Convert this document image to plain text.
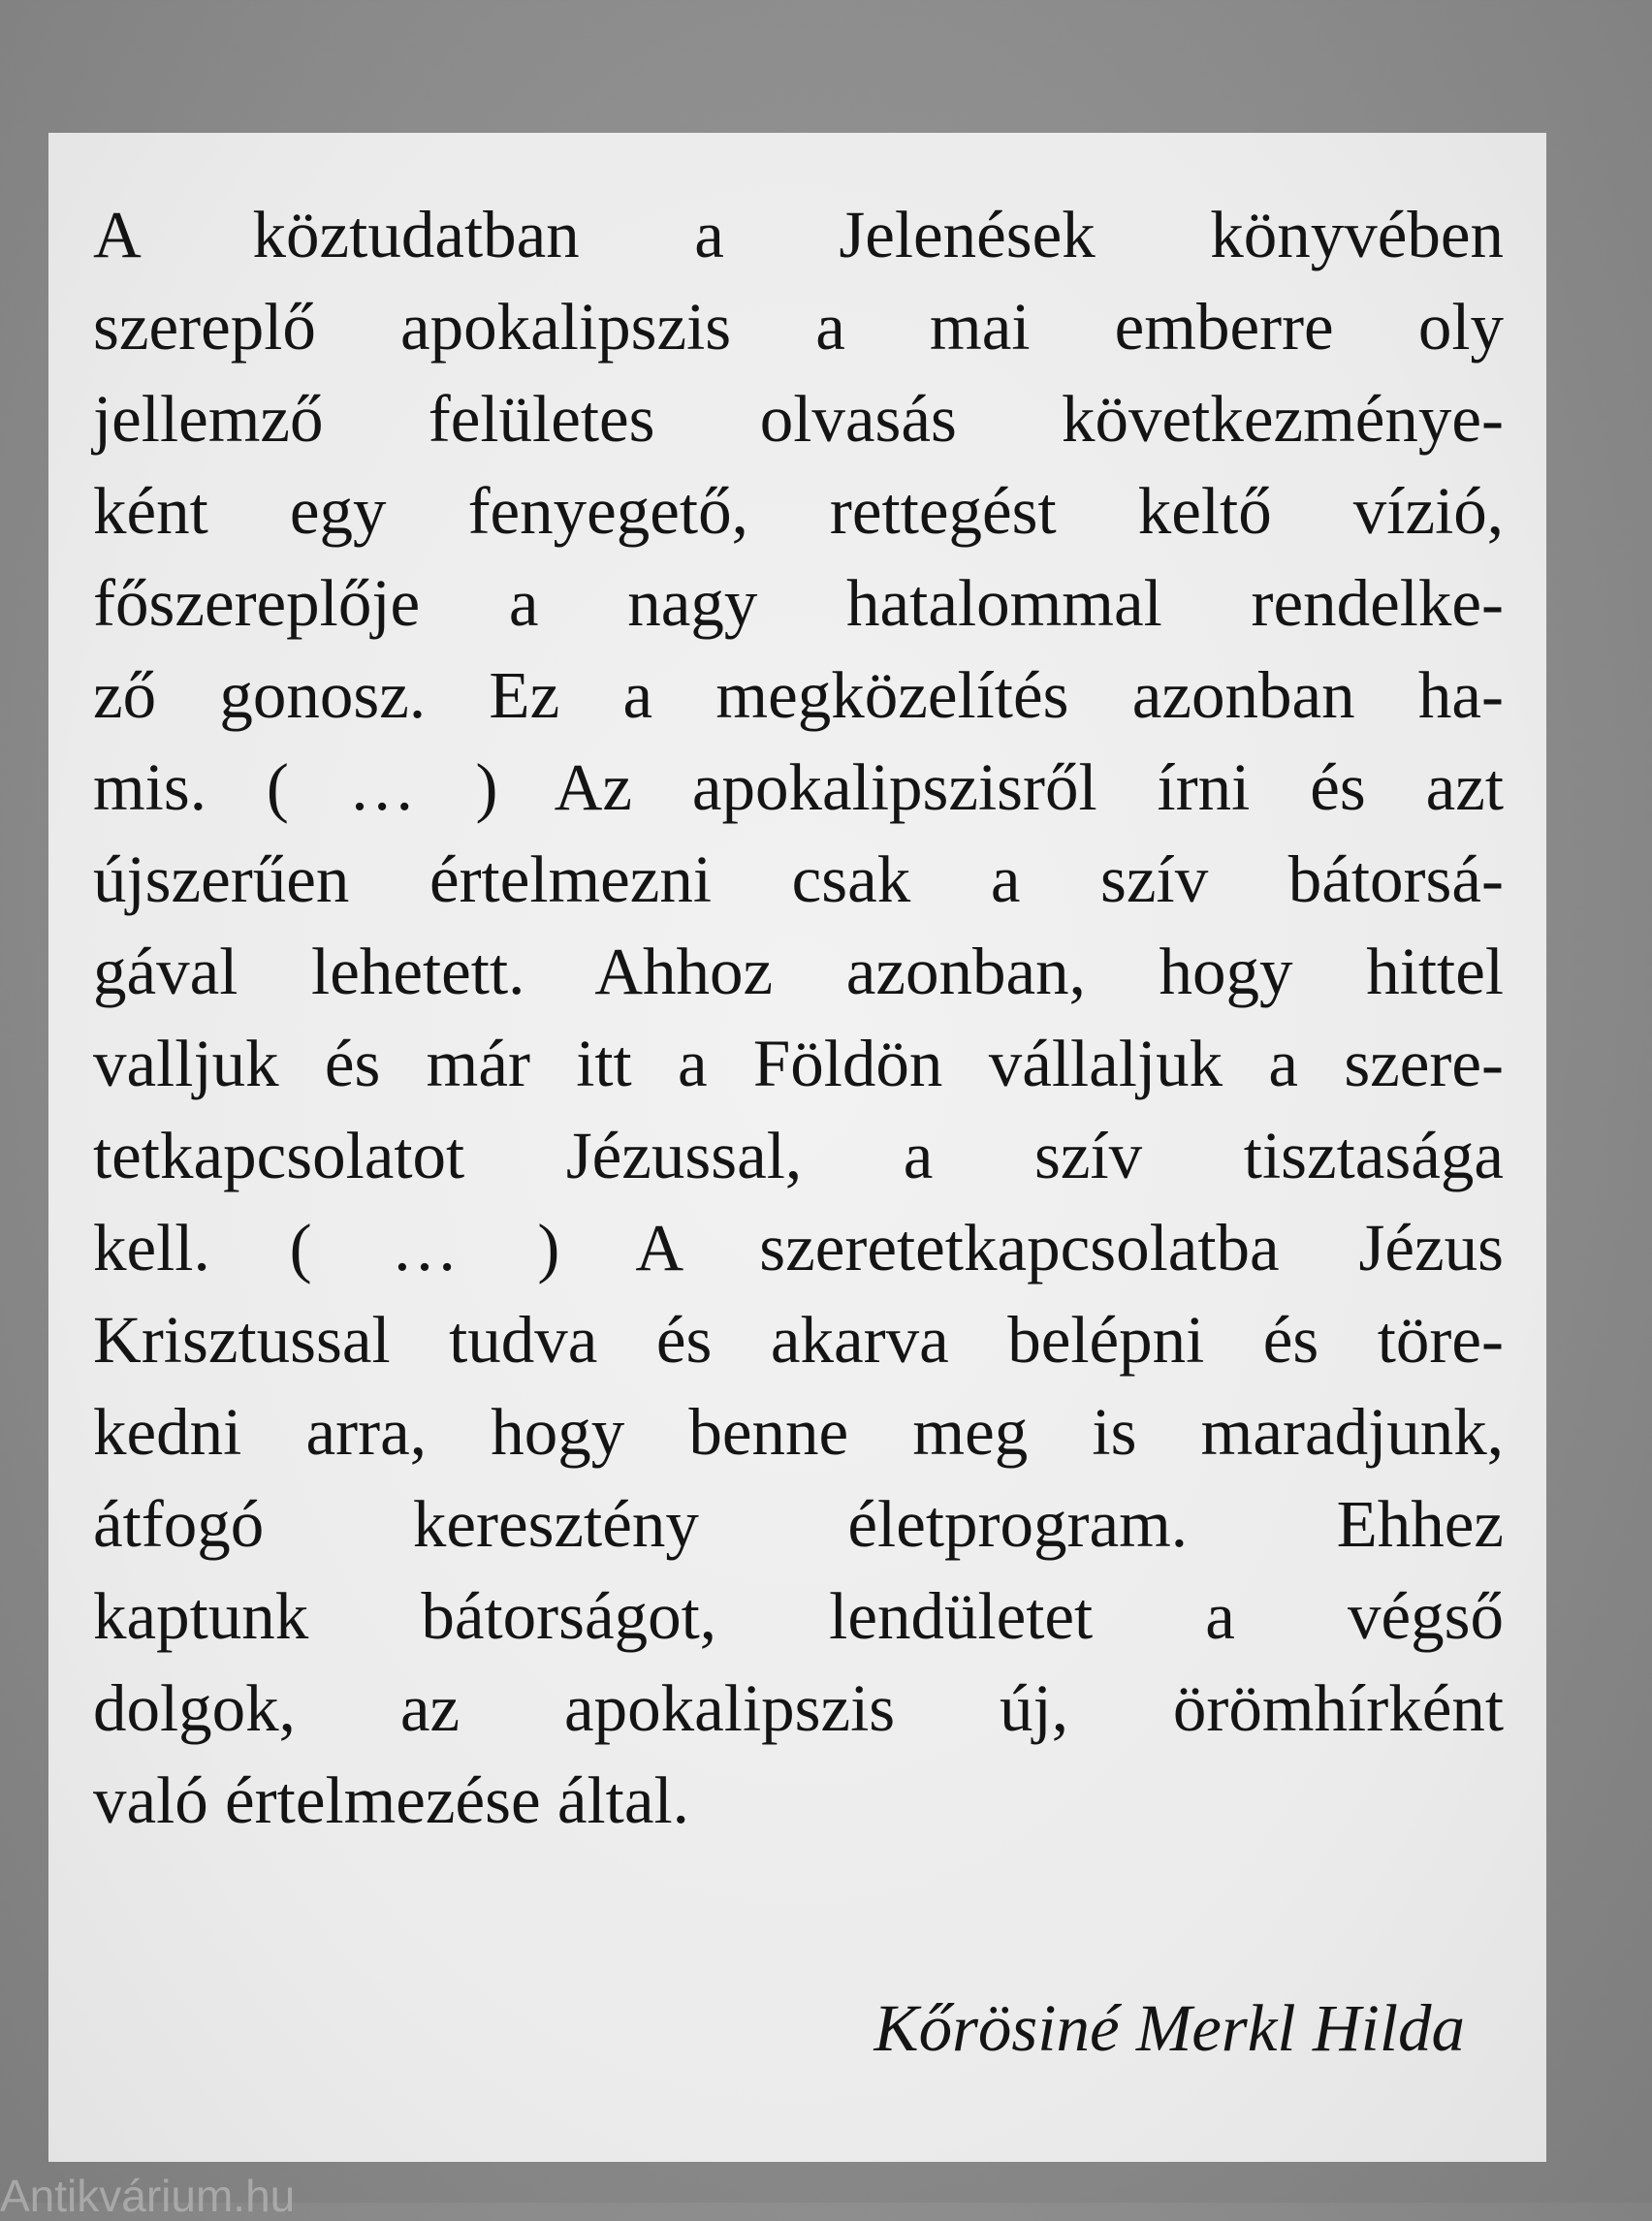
A köztudatban a Jelenések könyvében
szereplő apokalipszis a mai emberre oly
jellemző felületes olvasás következménye-
ként egy fenyegető, rettegést keltő vízió,
főszereplője a nagy hatalommal rendelke-
ző gonosz. Ez a megközelítés azonban ha-
mis. ( … ) Az apokalipszisről írni és azt
újszerűen értelmezni csak a szív bátorsá-
gával lehetett. Ahhoz azonban, hogy hittel
valljuk és már itt a Földön vállaljuk a szere-
tetkapcsolatot Jézussal, a szív tisztasága
kell. ( … ) A szeretetkapcsolatba Jézus
Krisztussal tudva és akarva belépni és töre-
kedni arra, hogy benne meg is maradjunk,
átfogó keresztény életprogram. Ehhez
kaptunk bátorságot, lendületet a végső
dolgok, az apokalipszis új, örömhírként
való értelmezése által.
Kőrösiné Merkl Hilda
Antikvárium.hu
